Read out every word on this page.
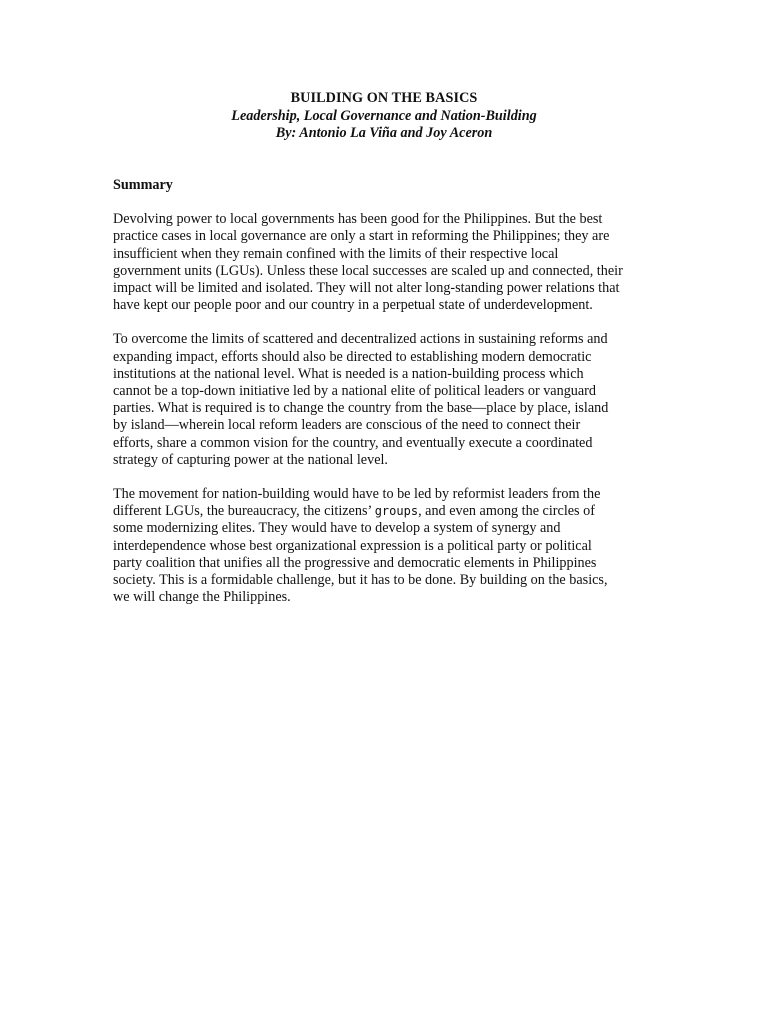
BUILDING ON THE BASICS
Leadership, Local Governance and Nation-Building
By: Antonio La Viña and Joy Aceron
Summary
Devolving power to local governments has been good for the Philippines. But the best
practice cases in local governance are only a start in reforming the Philippines; they are
insufficient when they remain confined with the limits of their respective local
government units (LGUs). Unless these local successes are scaled up and connected, their
impact will be limited and isolated. They will not alter long-standing power relations that
have kept our people poor and our country in a perpetual state of underdevelopment.
To overcome the limits of scattered and decentralized actions in sustaining reforms and
expanding impact, efforts should also be directed to establishing modern democratic
institutions at the national level. What is needed is a nation-building process which
cannot be a top-down initiative led by a national elite of political leaders or vanguard
parties. What is required is to change the country from the base—place by place, island
by island—wherein local reform leaders are conscious of the need to connect their
efforts, share a common vision for the country, and eventually execute a coordinated
strategy of capturing power at the national level.
The movement for nation-building would have to be led by reformist leaders from the
different LGUs, the bureaucracy, the citizens’ groups, and even among the circles of
some modernizing elites. They would have to develop a system of synergy and
interdependence whose best organizational expression is a political party or political
party coalition that unifies all the progressive and democratic elements in Philippines
society. This is a formidable challenge, but it has to be done. By building on the basics,
we will change the Philippines.
